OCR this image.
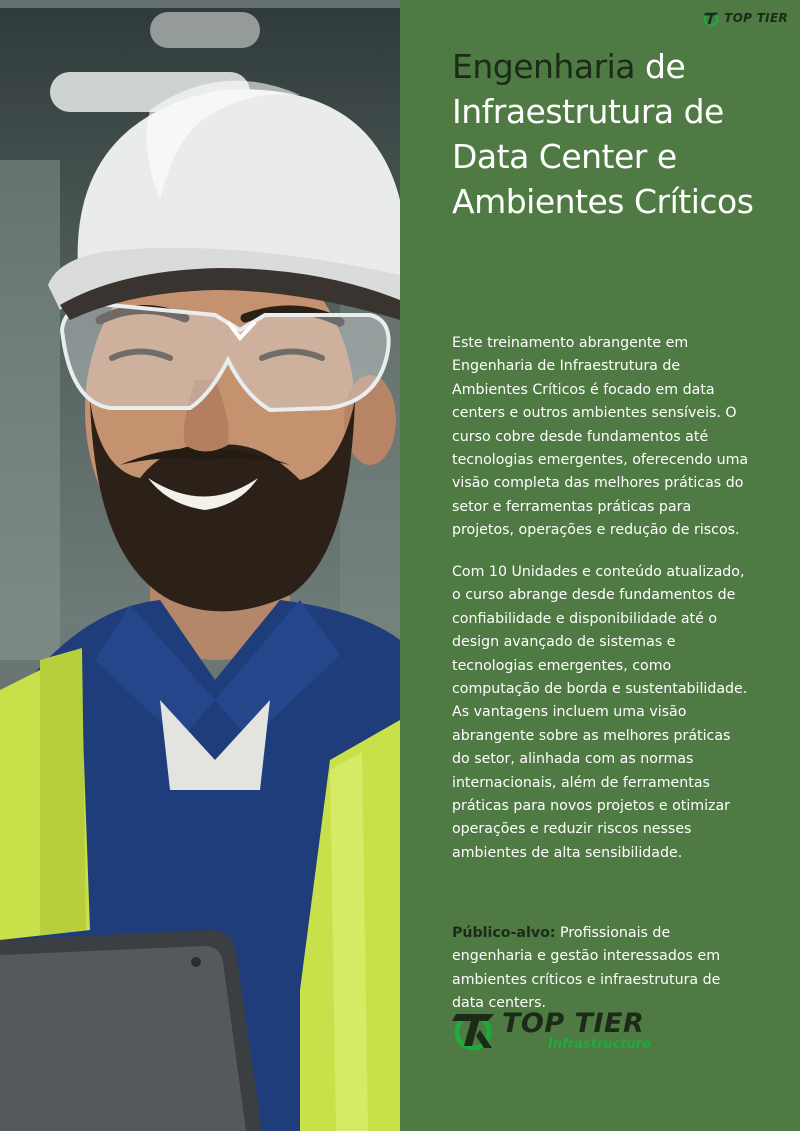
TOP TIER
Engenharia de Infraestrutura de Data Center e Ambientes Críticos

Este treinamento abrangente em Engenharia de Infraestrutura de Ambientes Críticos é focado em data centers e outros ambientes sensíveis. O curso cobre desde fundamentos até tecnologias emergentes, oferecendo uma visão completa das melhores práticas do setor e ferramentas práticas para projetos, operações e redução de riscos.

Com 10 Unidades e conteúdo atualizado, o curso abrange desde fundamentos de confiabilidade e disponibilidade até o design avançado de sistemas e tecnologias emergentes, como computação de borda e sustentabilidade. As vantagens incluem uma visão abrangente sobre as melhores práticas do setor, alinhada com as normas internacionais, além de ferramentas práticas para novos projetos e otimizar operações e reduzir riscos nesses ambientes de alta sensibilidade.

Público-alvo: Profissionais de engenharia e gestão interessados em ambientes críticos e infraestrutura de data centers.

TOP TIER
Infrastructure
